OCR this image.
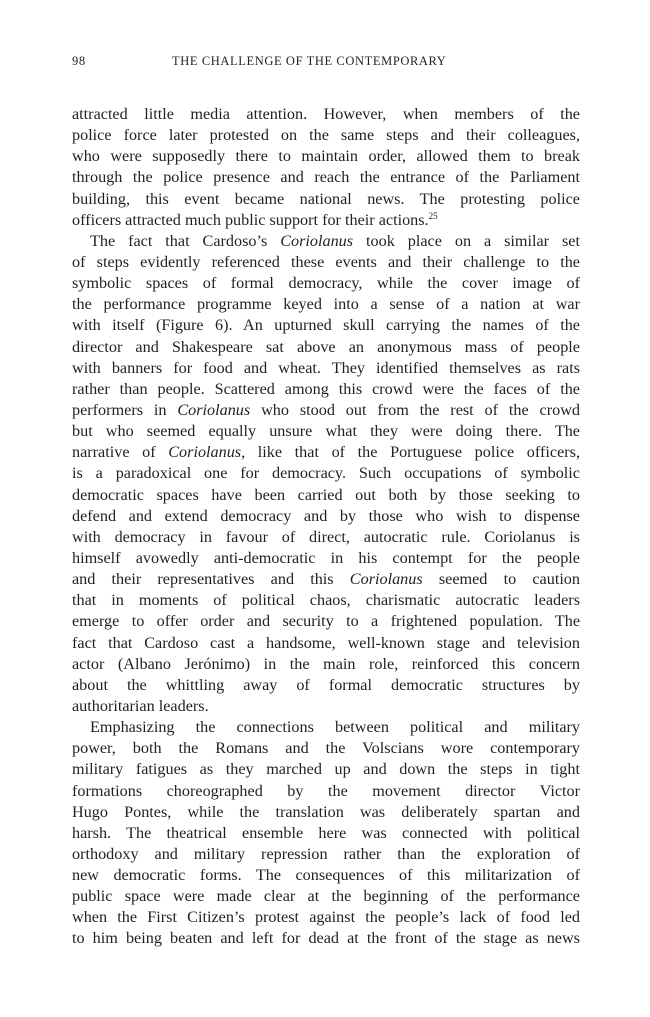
98	THE CHALLENGE OF THE CONTEMPORARY
attracted little media attention. However, when members of the
police force later protested on the same steps and their colleagues,
who were supposedly there to maintain order, allowed them to break
through the police presence and reach the entrance of the Parliament
building, this event became national news. The protesting police
officers attracted much public support for their actions.$^{25}$
The fact that Cardoso’s Coriolanus took place on a similar set
of steps evidently referenced these events and their challenge to the
symbolic spaces of formal democracy, while the cover image of
the performance programme keyed into a sense of a nation at war
with itself (Figure 6). An upturned skull carrying the names of the
director and Shakespeare sat above an anonymous mass of people
with banners for food and wheat. They identified themselves as rats
rather than people. Scattered among this crowd were the faces of the
performers in Coriolanus who stood out from the rest of the crowd
but who seemed equally unsure what they were doing there. The
narrative of Coriolanus, like that of the Portuguese police officers,
is a paradoxical one for democracy. Such occupations of symbolic
democratic spaces have been carried out both by those seeking to
defend and extend democracy and by those who wish to dispense
with democracy in favour of direct, autocratic rule. Coriolanus is
himself avowedly anti-democratic in his contempt for the people
and their representatives and this Coriolanus seemed to caution
that in moments of political chaos, charismatic autocratic leaders
emerge to offer order and security to a frightened population. The
fact that Cardoso cast a handsome, well-known stage and television
actor (Albano Jerónimo) in the main role, reinforced this concern
about the whittling away of formal democratic structures by
authoritarian leaders.
Emphasizing the connections between political and military
power, both the Romans and the Volscians wore contemporary
military fatigues as they marched up and down the steps in tight
formations choreographed by the movement director Victor
Hugo Pontes, while the translation was deliberately spartan and
harsh. The theatrical ensemble here was connected with political
orthodoxy and military repression rather than the exploration of
new democratic forms. The consequences of this militarization of
public space were made clear at the beginning of the performance
when the First Citizen’s protest against the people’s lack of food led
to him being beaten and left for dead at the front of the stage as news
